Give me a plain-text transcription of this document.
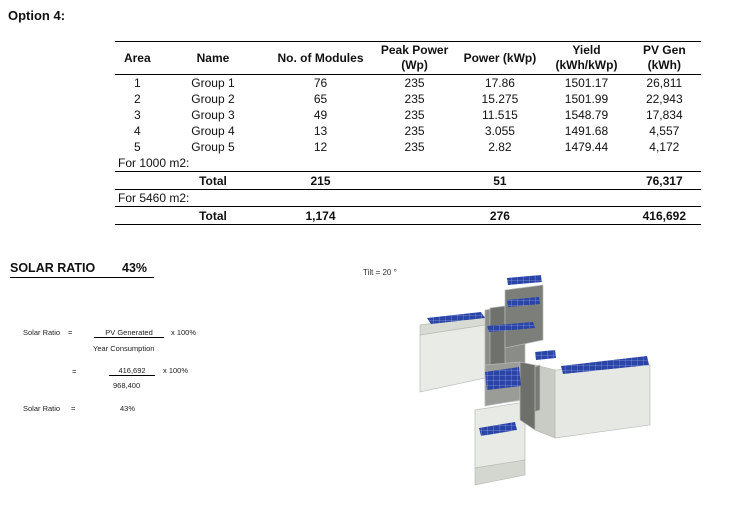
Option 4:
Area	Name	No. of Modules	Peak Power (Wp)	Power (kWp)	Yield (kWh/kWp)	PV Gen (kWh)
1	Group 1	76	235	17.86	1501.17	26,811
2	Group 2	65	235	15.275	1501.99	22,943
3	Group 3	49	235	11.515	1548.79	17,834
4	Group 4	13	235	3.055	1491.68	4,557
5	Group 5	12	235	2.82	1479.44	4,172
For 1000 m2:						
	Total	215		51		76,317
For 5460 m2:						
	Total	1,174		276		416,692
SOLAR RATIO 43%
Solar Ratio =	PV Generated	x 100%
Year Consumption
=	416,692	x 100%
968,400
Solar Ratio =	43%
Tilt = 20 °
